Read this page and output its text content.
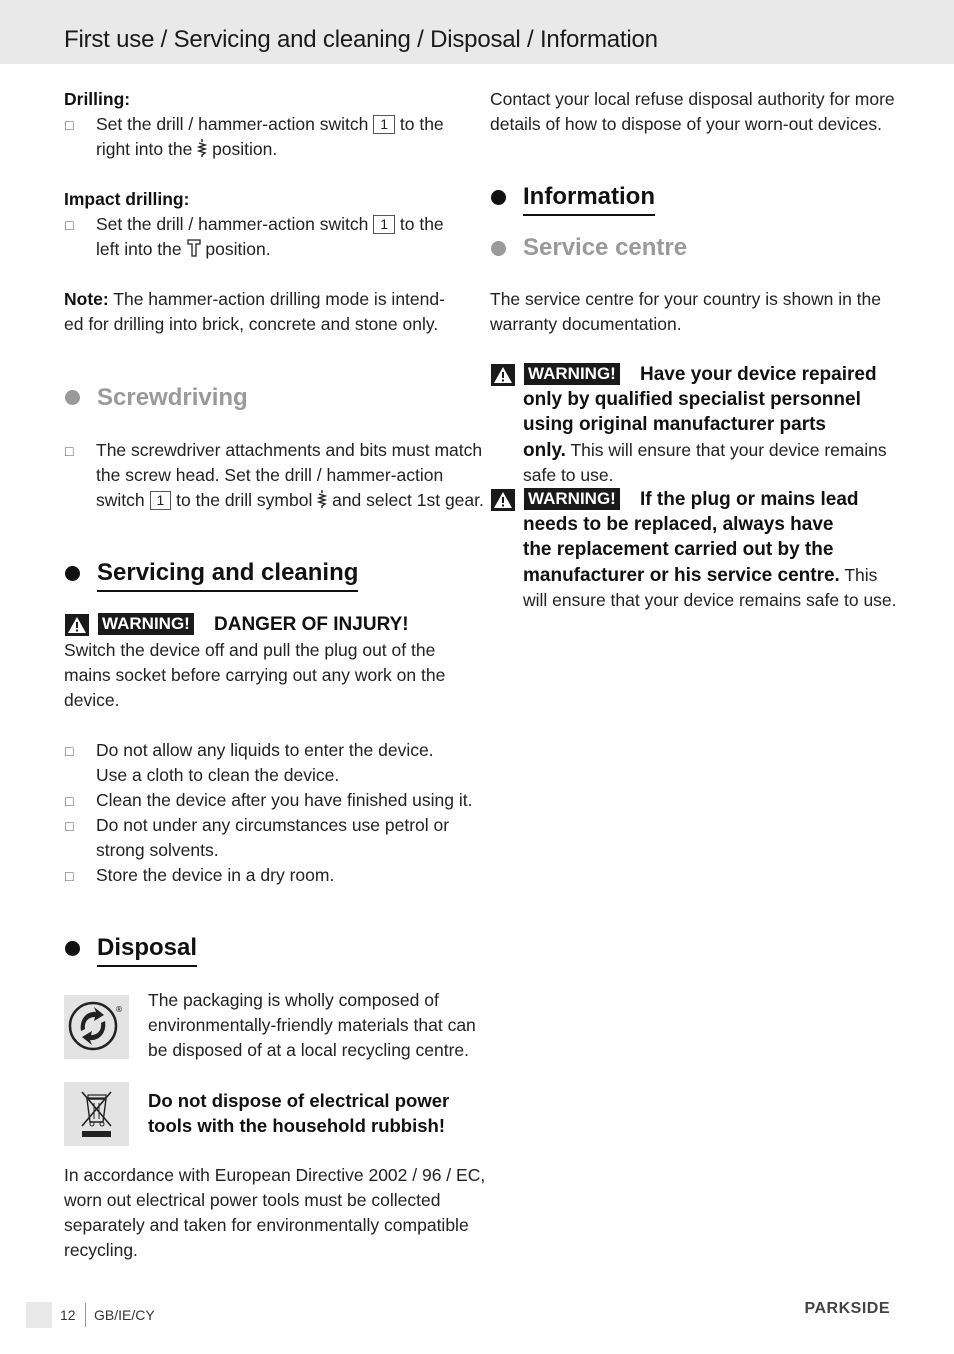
First use / Servicing and cleaning / Disposal / Information
Drilling:
□ Set the drill / hammer-action switch 1 to the
right into the position.
Impact drilling:
□ Set the drill / hammer-action switch 1 to the
left into the position.
Note: The hammer-action drilling mode is intend-
ed for drilling into brick, concrete and stone only.
Screwdriving
□ The screwdriver attachments and bits must match
the screw head. Set the drill / hammer-action
switch 1 to the drill symbol and select 1st gear.
Servicing and cleaning
WARNING! DANGER OF INJURY!
Switch the device off and pull the plug out of the
mains socket before carrying out any work on the
device.
□ Do not allow any liquids to enter the device.
Use a cloth to clean the device.
□ Clean the device after you have finished using it.
□ Do not under any circumstances use petrol or
strong solvents.
□ Store the device in a dry room.
Disposal
® The packaging is wholly composed of
environmentally-friendly materials that can
be disposed of at a local recycling centre.
Do not dispose of electrical power
tools with the household rubbish!
In accordance with European Directive 2002 / 96 / EC,
worn out electrical power tools must be collected
separately and taken for environmentally compatible
recycling.
Contact your local refuse disposal authority for more
details of how to dispose of your worn-out devices.
Information
Service centre
The service centre for your country is shown in the
warranty documentation.
WARNING! Have your device repaired
only by qualified specialist personnel
using original manufacturer parts
only. This will ensure that your device remains
safe to use.
WARNING! If the plug or mains lead
needs to be replaced, always have
the replacement carried out by the
manufacturer or his service centre. This
will ensure that your device remains safe to use.
12 GB/IE/CY	PARKSIDE
